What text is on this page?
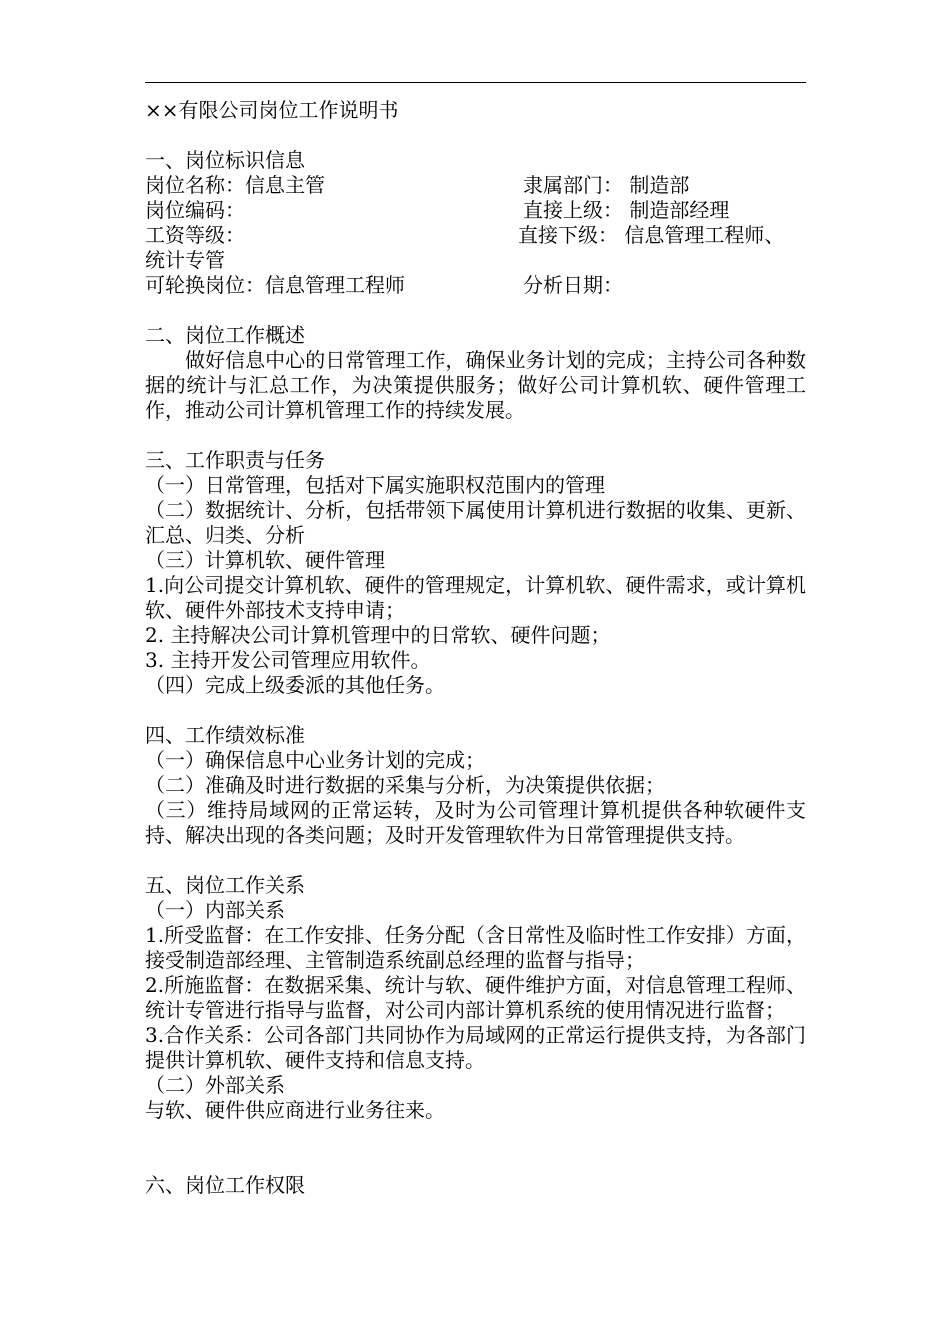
××有限公司岗位工作说明书
一、岗位标识信息
岗位名称：信息主管	隶属部门： 制造部
岗位编码：	直接上级： 制造部经理
工资等级：	直接下级： 信息管理工程师、
统计专管
可轮换岗位：信息管理工程师	分析日期：
二、岗位工作概述
做好信息中心的日常管理工作，确保业务计划的完成；主持公司各种数据的统计与汇总工作，为决策提供服务；做好公司计算机软、硬件管理工作，推动公司计算机管理工作的持续发展。
三、工作职责与任务
（一）日常管理，包括对下属实施职权范围内的管理
（二）数据统计、分析，包括带领下属使用计算机进行数据的收集、更新、汇总、归类、分析
（三）计算机软、硬件管理
1.向公司提交计算机软、硬件的管理规定，计算机软、硬件需求，或计算机软、硬件外部技术支持申请；
2. 主持解决公司计算机管理中的日常软、硬件问题；
3. 主持开发公司管理应用软件。
（四）完成上级委派的其他任务。
四、工作绩效标准
（一）确保信息中心业务计划的完成；
（二）准确及时进行数据的采集与分析，为决策提供依据；
（三）维持局域网的正常运转，及时为公司管理计算机提供各种软硬件支持、解决出现的各类问题；及时开发管理软件为日常管理提供支持。
五、岗位工作关系
（一）内部关系
1.所受监督：在工作安排、任务分配（含日常性及临时性工作安排）方面，接受制造部经理、主管制造系统副总经理的监督与指导；
2.所施监督：在数据采集、统计与软、硬件维护方面，对信息管理工程师、统计专管进行指导与监督，对公司内部计算机系统的使用情况进行监督；
3.合作关系：公司各部门共同协作为局域网的正常运行提供支持，为各部门提供计算机软、硬件支持和信息支持。
（二）外部关系
与软、硬件供应商进行业务往来。
六、岗位工作权限
